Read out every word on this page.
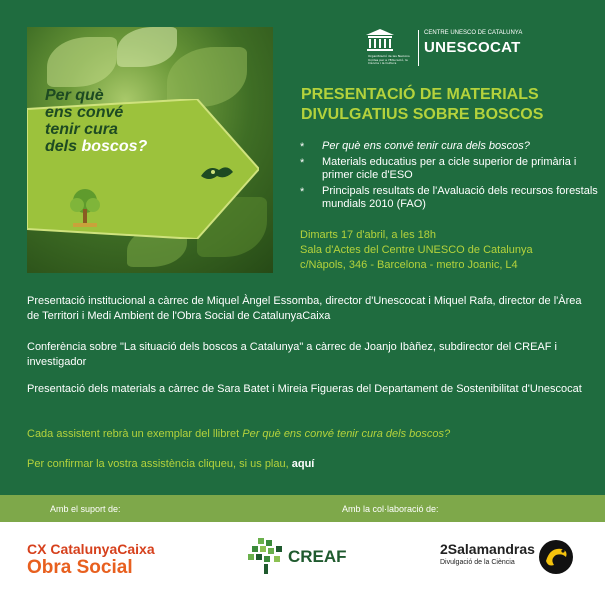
Per què
ens convé
tenir cura
dels boscos?
Organització de les Nacions Unides per a l'Educació, la Ciència i la Cultura
CENTRE UNESCO DE CATALUNYA
UNESCOCAT
PRESENTACIÓ DE MATERIALS
DIVULGATIUS SOBRE BOSCOS
* Per què ens convé tenir cura dels boscos?
* Materials educatius per a cicle superior de primària i primer cicle d'ESO
* Principals resultats de l'Avaluació dels recursos forestals mundials 2010 (FAO)
Dimarts 17 d'abril, a les 18h
Sala d'Actes del Centre UNESCO de Catalunya
c/Nàpols, 346 - Barcelona - metro Joanic, L4
Presentació institucional a càrrec de Miquel Àngel Essomba, director d'Unescocat i Miquel Rafa, director de l'Àrea de Territori i Medi Ambient de l'Obra Social de CatalunyaCaixa
Conferència sobre "La situació dels boscos a Catalunya" a càrrec de Joanjo Ibàñez, subdirector del CREAF i investigador
Presentació dels materials a càrrec de Sara Batet i Mireia Figueras del Departament de Sostenibilitat d'Unescocat
Cada assistent rebrà un exemplar del llibret Per què ens convé tenir cura dels boscos?
Per confirmar la vostra assistència cliqueu, si us plau, aquí
Amb el suport de:	Amb la col·laboració de:
CX CatalunyaCaixa
Obra Social
CREAF	2Salamandras
Divulgació de la Ciència
